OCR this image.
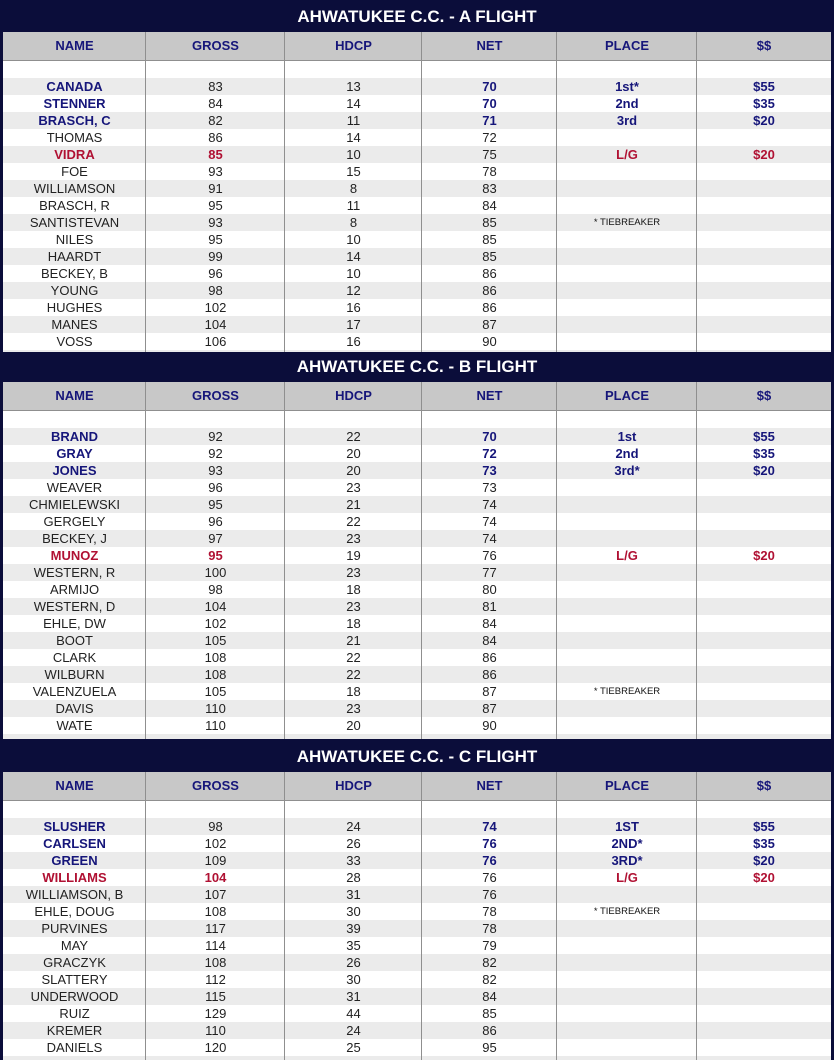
AHWATUKEE C.C. - A FLIGHT
NAME	GROSS	HDCP	NET	PLACE	$$
CANADA	83	13	70	1st*	$55
STENNER	84	14	70	2nd	$35
BRASCH, C	82	11	71	3rd	$20
THOMAS	86	14	72
VIDRA	85	10	75	L/G	$20
FOE	93	15	78
WILLIAMSON	91	8	83
BRASCH, R	95	11	84
SANTISTEVAN	93	8	85	* TIEBREAKER
NILES	95	10	85
HAARDT	99	14	85
BECKEY, B	96	10	86
YOUNG	98	12	86
HUGHES	102	16	86
MANES	104	17	87
VOSS	106	16	90
AHWATUKEE C.C. - B FLIGHT
NAME	GROSS	HDCP	NET	PLACE	$$
BRAND	92	22	70	1st	$55
GRAY	92	20	72	2nd	$35
JONES	93	20	73	3rd*	$20
WEAVER	96	23	73
CHMIELEWSKI	95	21	74
GERGELY	96	22	74
BECKEY, J	97	23	74
MUNOZ	95	19	76	L/G	$20
WESTERN, R	100	23	77
ARMIJO	98	18	80
WESTERN, D	104	23	81
EHLE, DW	102	18	84
BOOT	105	21	84
CLARK	108	22	86
WILBURN	108	22	86
VALENZUELA	105	18	87	* TIEBREAKER
DAVIS	110	23	87
WATE	110	20	90
AHWATUKEE C.C. - C FLIGHT
NAME	GROSS	HDCP	NET	PLACE	$$
SLUSHER	98	24	74	1ST	$55
CARLSEN	102	26	76	2ND*	$35
GREEN	109	33	76	3RD*	$20
WILLIAMS	104	28	76	L/G	$20
WILLIAMSON, B	107	31	76
EHLE, DOUG	108	30	78	* TIEBREAKER
PURVINES	117	39	78
MAY	114	35	79
GRACZYK	108	26	82
SLATTERY	112	30	82
UNDERWOOD	115	31	84
RUIZ	129	44	85
KREMER	110	24	86
DANIELS	120	25	95
